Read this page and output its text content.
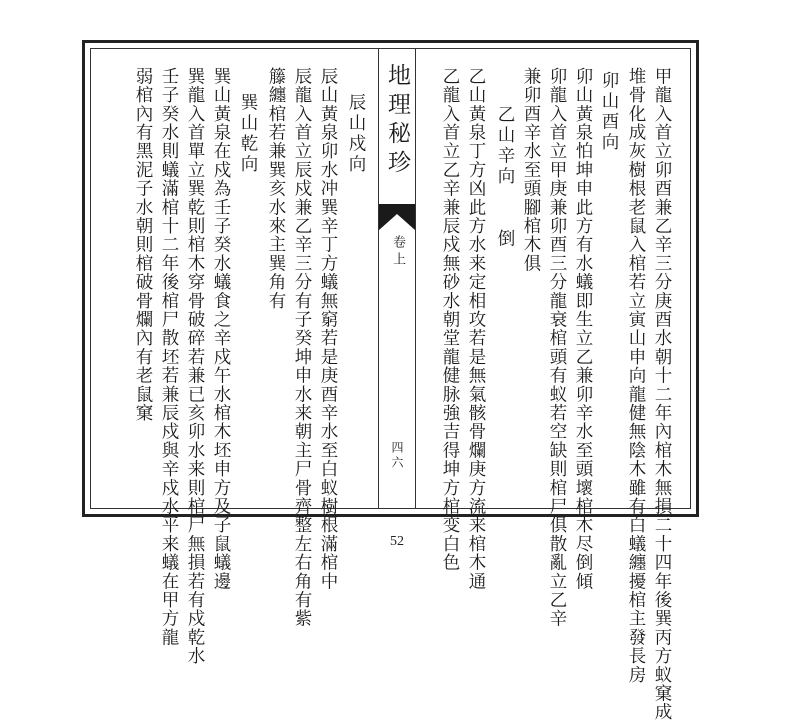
甲龍入首立卯酉兼乙辛三分庚酉水朝十二年內棺木無損二十四年後巽丙方蚁窠成
堆骨化成灰樹根老鼠入棺若立寅山申向龍健無陰木雖有白蟻纏擾棺主發長房
卯山酉向
卯山黃泉怕坤申此方有水蟻即生立乙兼卯辛水至頭壞棺木尽倒傾
卯龍入首立甲庚兼卯酉三分龍衰棺頭有蚁若空缺則棺尸俱散亂立乙辛
兼卯酉辛水至頭腳棺木俱
倒
乙山辛向
乙山黃泉丁方凶此方水来定相攻若是無氣骸骨爛庚方流来棺木通
乙龍入首立乙辛兼辰戍無砂水朝堂龍健脉強吉得坤方棺变白色
地理秘珍
卷上
四六
辰山戍向
辰山黃泉卯水冲巽辛丁方蟻無窮若是庚酉辛水至白蚁樹根滿棺中
辰龍入首立辰戍兼乙辛三分有子癸坤申水来朝主尸骨齊整左右角有紫
籐纏棺若兼巽亥水來主巽角有
巽山乾向
巽山黃泉在戍為壬子癸水蟻食之辛戍午水棺木坯申方及子鼠蟻邊
巽龍入首單立巽乾則棺木穿骨破碎若兼已亥卯水来則棺尸無損若有戍乾水
壬子癸水則蟻滿棺十二年後棺尸散坯若兼辰戍與辛戍水平来蟻在甲方龍
弱棺內有黑泥子水朝則棺破骨爛內有老鼠窠
52
